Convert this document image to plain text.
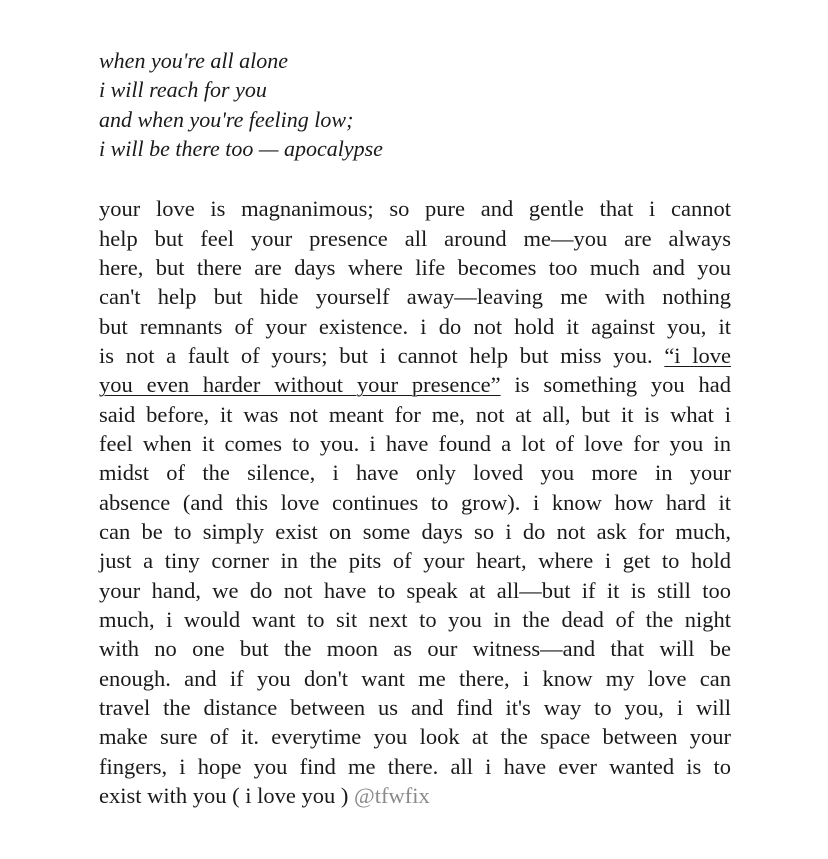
when you're all alone
i will reach for you
and when you're feeling low;
i will be there too — apocalypse
your love is magnanimous; so pure and gentle that i cannot
help but feel your presence all around me—you are always
here, but there are days where life becomes too much and you
can't help but hide yourself away—leaving me with nothing
but remnants of your existence. i do not hold it against you, it
is not a fault of yours; but i cannot help but miss you. “i love
you even harder without your presence” is something you had
said before, it was not meant for me, not at all, but it is what i
feel when it comes to you. i have found a lot of love for you in
midst of the silence, i have only loved you more in your
absence (and this love continues to grow). i know how hard it
can be to simply exist on some days so i do not ask for much,
just a tiny corner in the pits of your heart, where i get to hold
your hand, we do not have to speak at all—but if it is still too
much, i would want to sit next to you in the dead of the night
with no one but the moon as our witness—and that will be
enough. and if you don't want me there, i know my love can
travel the distance between us and find it's way to you, i will
make sure of it. everytime you look at the space between your
fingers, i hope you find me there. all i have ever wanted is to
exist with you ( i love you ) @tfwfix
